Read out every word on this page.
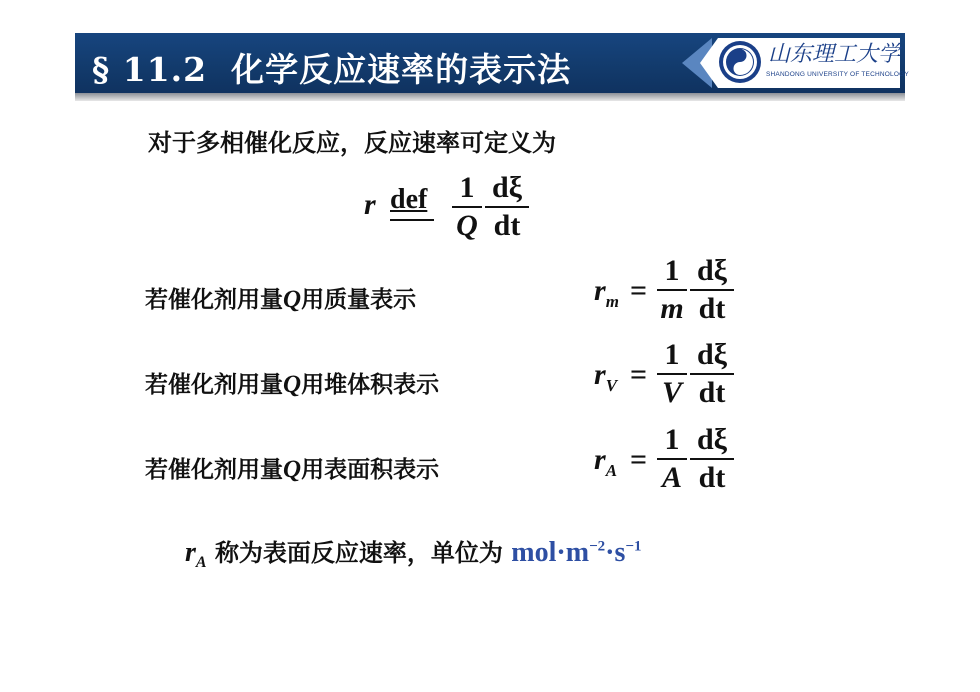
§ 11.2 化学反应速率的表示法	山东理工大学
SHANDONG UNIVERSITY OF TECHNOLOGY
对于多相催化反应，反应速率可定义为
r def 1
Q
dξ
dt
若催化剂用量Q用质量表示	$r_m$ =
1
m
dξ
dt
若催化剂用量Q用堆体积表示	$r_V$ =
1
V
dξ
dt
若催化剂用量Q用表面积表示	$r_A$ =
1
A
dξ
dt
$r_A$ 称为表面反应速率，单位为 $mol\cdot m^{-2}\cdot s^{-1}$
